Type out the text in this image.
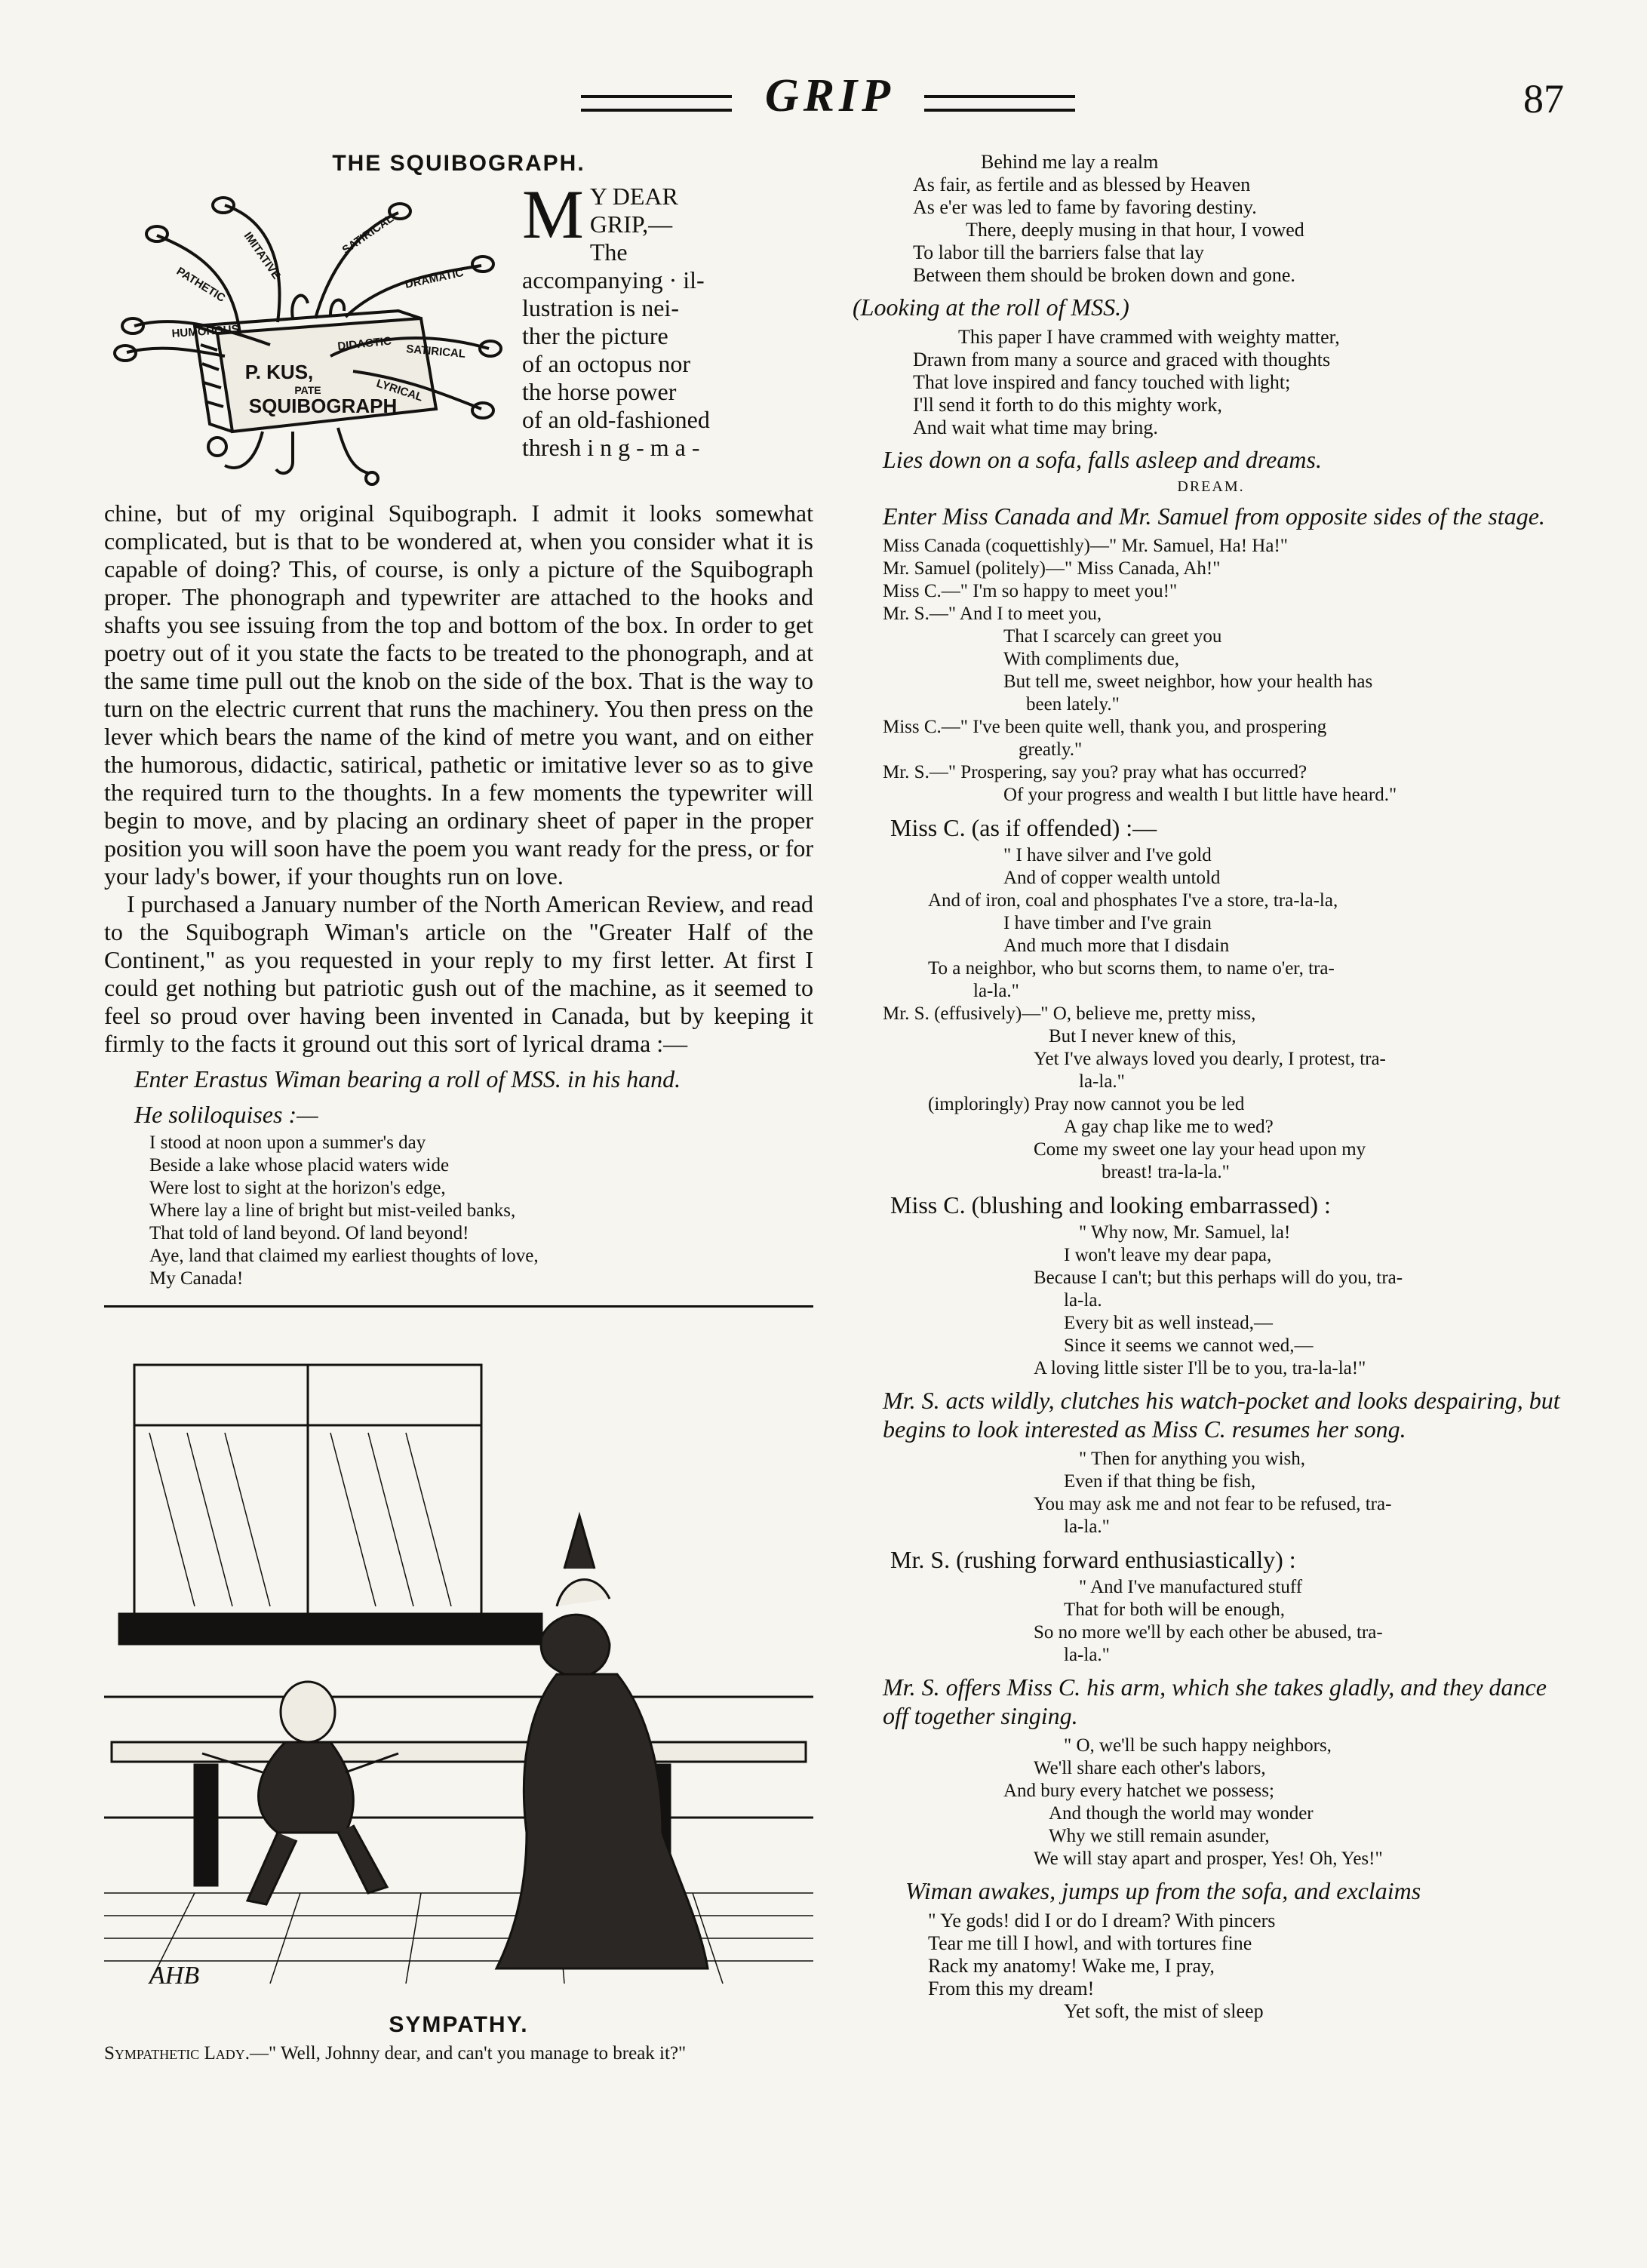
GRIP	87
THE SQUIBOGRAPH.
P. KUS,
PATE
SQUIBOGRAPH
PATHETIC
IMITATIVE	SATIRICAL
DRAMATIC
DIDACTIC SATIRICAL
HUMOROUS
LYRICAL
M Y DEAR
GRIP,—The
accompanying · il-
lustration is nei-
ther the picture
of an octopus nor
the horse power
of an old-fashioned
thresh i n g - m a -

chine, but of my original Squibograph. I admit it looks somewhat complicated, but is that to be wondered at, when you consider what it is capable of doing? This, of course, is only a picture of the Squibograph proper. The phonograph and typewriter are attached to the hooks and shafts you see issuing from the top and bottom of the box. In order to get poetry out of it you state the facts to be treated to the phonograph, and at the same time pull out the knob on the side of the box. That is the way to turn on the electric current that runs the machinery. You then press on the lever which bears the name of the kind of metre you want, and on either the humorous, didactic, satirical, pathetic or imitative lever so as to give the required turn to the thoughts. In a few moments the typewriter will begin to move, and by placing an ordinary sheet of paper in the proper position you will soon have the poem you want ready for the press, or for your lady's bower, if your thoughts run on love.

I purchased a January number of the North American Review, and read to the Squibograph Wiman's article on the "Greater Half of the Continent," as you requested in your reply to my first letter. At first I could get nothing but patriotic gush out of the machine, as it seemed to feel so proud over having been invented in Canada, but by keeping it firmly to the facts it ground out this sort of lyrical drama :—

Enter Erastus Wiman bearing a roll of MSS. in his hand.
He soliloquises :—
I stood at noon upon a summer's day
Beside a lake whose placid waters wide
Were lost to sight at the horizon's edge,
Where lay a line of bright but mist-veiled banks,
That told of land beyond. Of land beyond!
Aye, land that claimed my earliest thoughts of love,
My Canada!
AHB
SYMPATHY.
Sympathetic Lady.—" Well, Johnny dear, and can't you manage to break it?"
Behind me lay a realm
As fair, as fertile and as blessed by Heaven
As e'er was led to fame by favoring destiny.
There, deeply musing in that hour, I vowed
To labor till the barriers false that lay
Between them should be broken down and gone.
(Looking at the roll of MSS.)
This paper I have crammed with weighty matter,
Drawn from many a source and graced with thoughts
That love inspired and fancy touched with light;
I'll send it forth to do this mighty work,
And wait what time may bring.
Lies down on a sofa, falls asleep and dreams.
DREAM.
Enter Miss Canada and Mr. Samuel from opposite sides of the stage.
Miss Canada (coquettishly)—" Mr. Samuel, Ha! Ha!"
Mr. Samuel (politely)—" Miss Canada, Ah!"
Miss C.—" I'm so happy to meet you!"
Mr. S.—" And I to meet you,
That I scarcely can greet you
With compliments due,
But tell me, sweet neighbor, how your health has
been lately."
Miss C.—" I've been quite well, thank you, and prospering
greatly."
Mr. S.—" Prospering, say you? pray what has occurred?
Of your progress and wealth I but little have heard."
Miss C. (as if offended) :—
" I have silver and I've gold
And of copper wealth untold
And of iron, coal and phosphates I've a store, tra-la-la,
I have timber and I've grain
And much more that I disdain
To a neighbor, who but scorns them, to name o'er, tra-
la-la."
Mr. S. (effusively)—" O, believe me, pretty miss,
But I never knew of this,
Yet I've always loved you dearly, I protest, tra-
la-la."
(imploringly) Pray now cannot you be led
A gay chap like me to wed?
Come my sweet one lay your head upon my
breast! tra-la-la."
Miss C. (blushing and looking embarrassed) :
" Why now, Mr. Samuel, la!
I won't leave my dear papa,
Because I can't; but this perhaps will do you, tra-
la-la.
Every bit as well instead,—
Since it seems we cannot wed,—
A loving little sister I'll be to you, tra-la-la!"
Mr. S. acts wildly, clutches his watch-pocket and looks despairing, but begins to look interested as Miss C. resumes her song.
" Then for anything you wish,
Even if that thing be fish,
You may ask me and not fear to be refused, tra-
la-la."
Mr. S. (rushing forward enthusiastically) :
" And I've manufactured stuff
That for both will be enough,
So no more we'll by each other be abused, tra-
la-la."
Mr. S. offers Miss C. his arm, which she takes gladly, and they dance off together singing.
" O, we'll be such happy neighbors,
We'll share each other's labors,
And bury every hatchet we possess;
And though the world may wonder
Why we still remain asunder,
We will stay apart and prosper, Yes! Oh, Yes!"
Wiman awakes, jumps up from the sofa, and exclaims
" Ye gods! did I or do I dream? With pincers
Tear me till I howl, and with tortures fine
Rack my anatomy! Wake me, I pray,
From this my dream!
Yet soft, the mist of sleep
